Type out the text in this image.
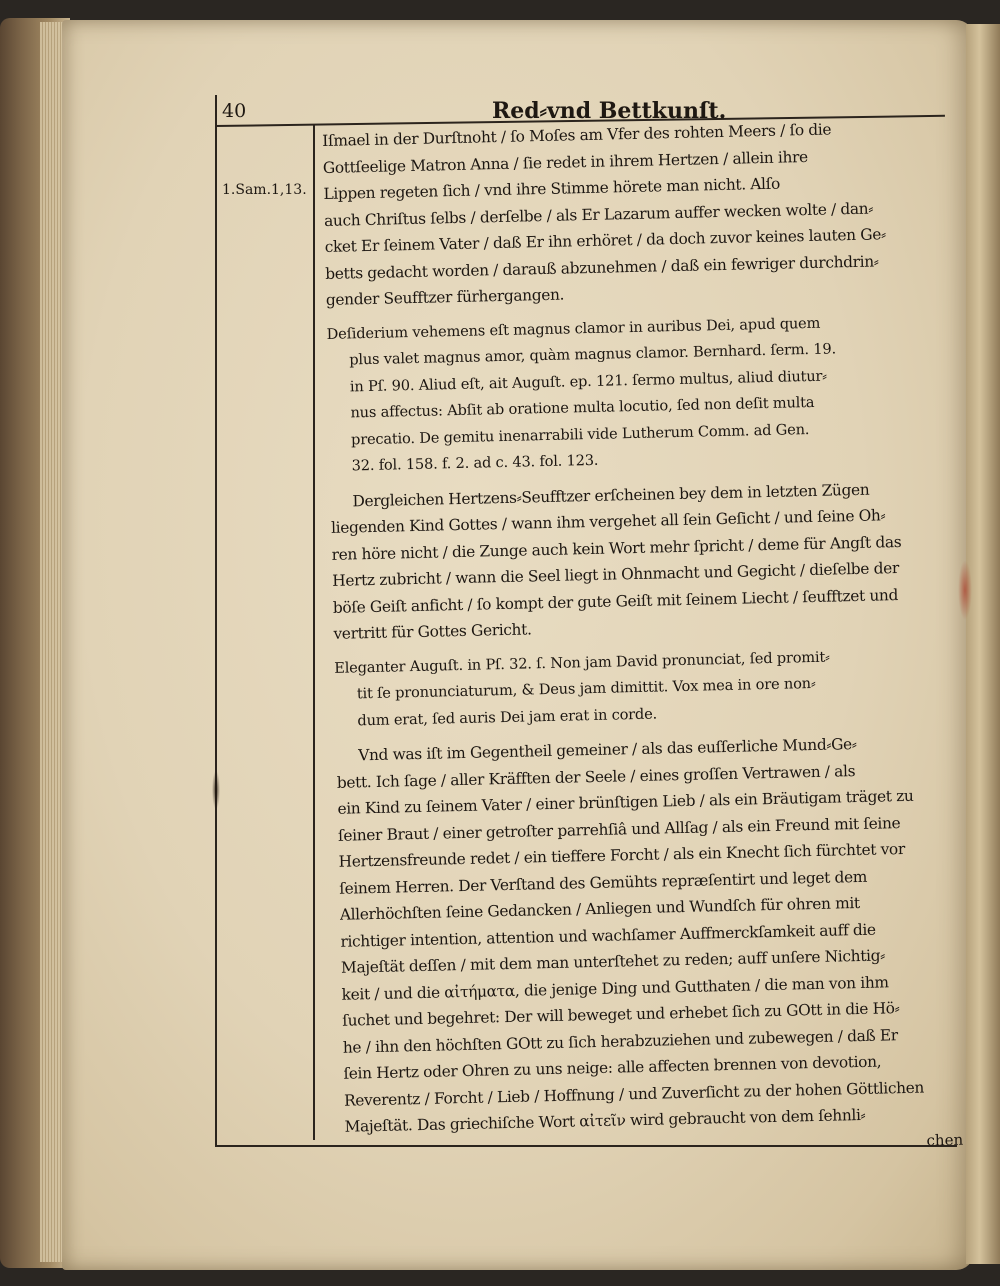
40	Red⸗vnd Bettkunſt.
1.Sam.1,13.
Iſmael in der Durſtnoht / ſo Moſes am Vfer des rohten Meers / ſo die
Gottſeelige Matron Anna / ſie redet in ihrem Hertzen / allein ihre
Lippen regeten ſich / vnd ihre Stimme hörete man nicht. Alſo
auch Chriſtus ſelbs / derſelbe / als Er Lazarum auffer wecken wolte / dan⸗
cket Er ſeinem Vater / daß Er ihn erhöret / da doch zuvor keines lauten Ge⸗
betts gedacht worden / darauß abzunehmen / daß ein fewriger durchdrin⸗
gender Seufftzer fürhergangen.
Deſiderium vehemens eſt magnus clamor in auribus Dei, apud quem
plus valet magnus amor, quàm magnus clamor. Bernhard. ſerm. 19.
in Pſ. 90. Aliud eſt, ait Auguſt. ep. 121. ſermo multus, aliud diutur⸗
nus affectus: Abſit ab oratione multa locutio, ſed non deſit multa
precatio. De gemitu inenarrabili vide Lutherum Comm. ad Gen.
32. fol. 158. f. 2. ad c. 43. fol. 123.
Dergleichen Hertzens⸗Seufftzer erſcheinen bey dem in letzten Zügen
liegenden Kind Gottes / wann ihm vergehet all ſein Geſicht / und ſeine Oh⸗
ren höre nicht / die Zunge auch kein Wort mehr ſpricht / deme für Angſt das
Hertz zubricht / wann die Seel liegt in Ohnmacht und Gegicht / dieſelbe der
böſe Geiſt anficht / ſo kompt der gute Geiſt mit ſeinem Liecht / ſeufftzet und
vertritt für Gottes Gericht.
Eleganter Auguſt. in Pſ. 32. ſ. Non jam David pronunciat, ſed promit⸗
tit ſe pronunciaturum, & Deus jam dimittit. Vox mea in ore non⸗
dum erat, ſed auris Dei jam erat in corde.
Vnd was iſt im Gegentheil gemeiner / als das euſſerliche Mund⸗Ge⸗
bett. Ich ſage / aller Kräfften der Seele / eines groſſen Vertrawen / als
ein Kind zu ſeinem Vater / einer brünſtigen Lieb / als ein Bräutigam träget zu
ſeiner Braut / einer getroſter parrehſiâ und Allſag / als ein Freund mit ſeine
Hertzensfreunde redet / ein tieffere Forcht / als ein Knecht ſich fürchtet vor
ſeinem Herren. Der Verſtand des Gemühts repræſentirt und leget dem
Allerhöchſten ſeine Gedancken / Anliegen und Wundſch für ohren mit
richtiger intention, attention und wachſamer Auffmerckſamkeit auff die
Majeſtät deſſen / mit dem man unterſtehet zu reden; auff unſere Nichtig⸗
keit / und die αἰτήματα, die jenige Ding und Gutthaten / die man von ihm
ſuchet und begehret: Der will beweget und erhebet ſich zu GOtt in die Hö⸗
he / ihn den höchſten GOtt zu ſich herabzuziehen und zubewegen / daß Er
ſein Hertz oder Ohren zu uns neige: alle affecten brennen von devotion,
Reverentz / Forcht / Lieb / Hoffnung / und Zuverſicht zu der hohen Göttlichen
Majeſtät. Das griechiſche Wort αἰτεῖν wird gebraucht von dem ſehnli⸗
chen
